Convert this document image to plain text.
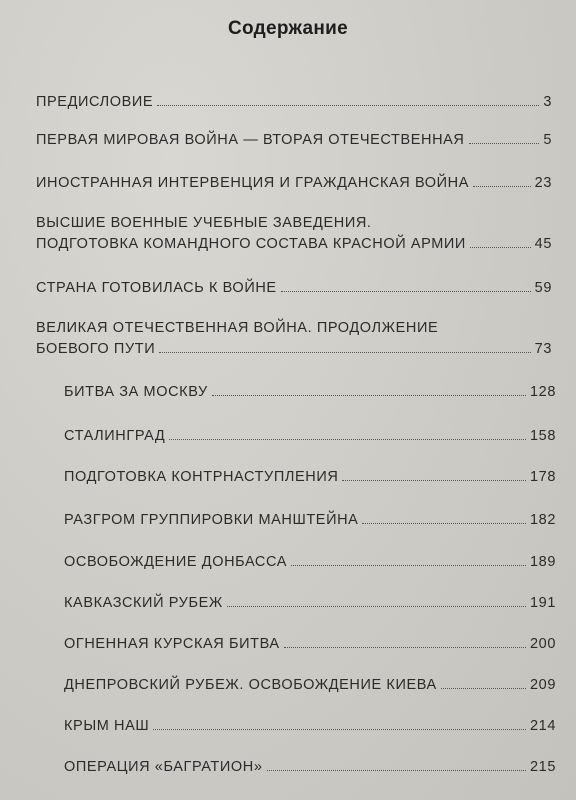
Содержание
ПРЕДИСЛОВИЕ	3
ПЕРВАЯ МИРОВАЯ ВОЙНА — ВТОРАЯ ОТЕЧЕСТВЕННАЯ	5
ИНОСТРАННАЯ ИНТЕРВЕНЦИЯ И ГРАЖДАНСКАЯ ВОЙНА	23
ВЫСШИЕ ВОЕННЫЕ УЧЕБНЫЕ ЗАВЕДЕНИЯ.
ПОДГОТОВКА КОМАНДНОГО СОСТАВА КРАСНОЙ АРМИИ	45
СТРАНА ГОТОВИЛАСЬ К ВОЙНЕ	59
ВЕЛИКАЯ ОТЕЧЕСТВЕННАЯ ВОЙНА. ПРОДОЛЖЕНИЕ
БОЕВОГО ПУТИ	73
БИТВА ЗА МОСКВУ	128
СТАЛИНГРАД	158
ПОДГОТОВКА КОНТРНАСТУПЛЕНИЯ	178
РАЗГРОМ ГРУППИРОВКИ МАНШТЕЙНА	182
ОСВОБОЖДЕНИЕ ДОНБАССА	189
КАВКАЗСКИЙ РУБЕЖ	191
ОГНЕННАЯ КУРСКАЯ БИТВА	200
ДНЕПРОВСКИЙ РУБЕЖ. ОСВОБОЖДЕНИЕ КИЕВА	209
КРЫМ НАШ	214
ОПЕРАЦИЯ «БАГРАТИОН»	215
